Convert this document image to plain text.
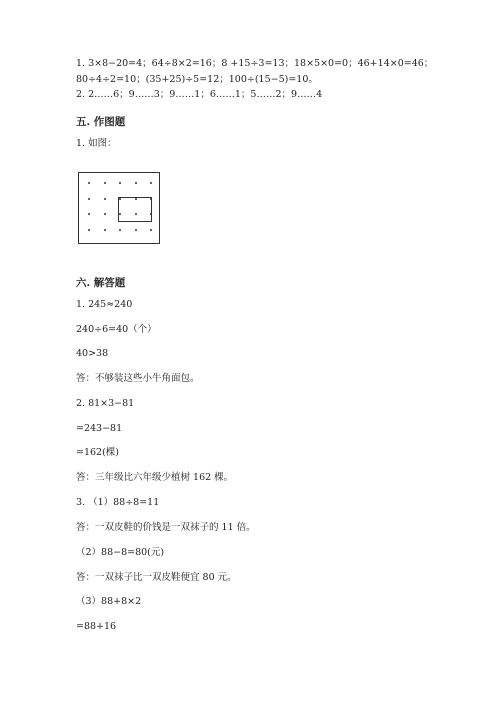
1. 3×8−20=4；64÷8×2=16；8 +15÷3=13；18×5×0=0；46+14×0=46；
80÷4÷2=10；(35+25)÷5=12；100÷(15−5)=10。
2. 2……6；9……3；9……1；6……1；5……2；9……4
五. 作图题
1. 如图：
六. 解答题
1. 245≈240
240÷6=40（个）
40>38
答：不够装这些小牛角面包。
2. 81×3−81
=243−81
=162(棵)
答：三年级比六年级少植树 162 棵。
3. （1）88÷8=11
答：一双皮鞋的价钱是一双袜子的 11 倍。
（2）88−8=80(元)
答：一双袜子比一双皮鞋便宜 80 元。
（3）88+8×2
=88+16
